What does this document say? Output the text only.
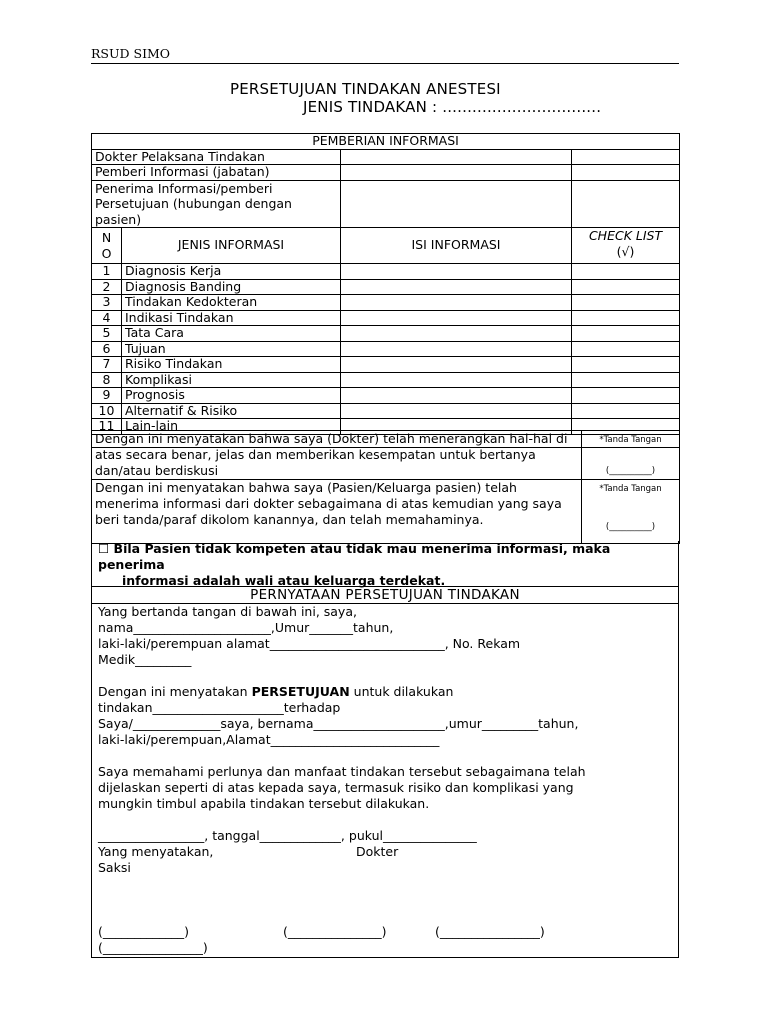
RSUD SIMO
PERSETUJUAN TINDAKAN ANESTESI
JENIS TINDAKAN : ................................
PEMBERIAN INFORMASI			
Dokter Pelaksana Tindakan			
Pemberi Informasi (jabatan)			
Penerima Informasi/pemberi Persetujuan (hubungan dengan pasien)			
N O	JENIS INFORMASI	ISI INFORMASI	CHECK LIST
(√)
1	Diagnosis Kerja		
2	Diagnosis Banding		
3	Tindakan Kedokteran		
4	Indikasi Tindakan		
5	Tata Cara		
6	Tujuan		
7	Risiko Tindakan		
8	Komplikasi		
9	Prognosis		
10	Alternatif & Risiko		
11	Lain-lain		

Dengan ini menyatakan bahwa saya (Dokter) telah menerangkan hal-hal di atas secara benar, jelas dan memberikan kesempatan untuk bertanya dan/atau berdiskusi	*Tanda Tangan
(__________)

Dengan ini menyatakan bahwa saya (Pasien/Keluarga pasien) telah menerima informasi dari dokter sebagaimana di atas kemudian yang saya beri tanda/paraf dikolom kanannya, dan telah memahaminya.	*Tanda Tangan
(__________)
☐ Bila Pasien tidak kompeten atau tidak mau menerima informasi, maka penerima
informasi adalah wali atau keluarga terdekat.
PERNYATAAN PERSETUJUAN TINDAKAN

Yang bertanda tangan di bawah ini, saya,

nama______________________,Umur_______tahun,

laki-laki/perempuan alamat____________________________, No. Rekam

Medik_________

Dengan ini menyatakan PERSETUJUAN untuk dilakukan

tindakan_____________________terhadap

Saya/______________saya, bernama_____________________,umur_________tahun,

laki-laki/perempuan,Alamat___________________________

Saya memahami perlunya dan manfaat tindakan tersebut sebagaimana telah

dijelaskan seperti di atas kepada saya, termasuk risiko dan komplikasi yang

mungkin timbul apabila tindakan tersebut dilakukan.

_________________, tanggal_____________, pukul_______________

Yang menyatakan,	Dokter

Saksi

(_____________)	(_______________)	(________________)

(________________)
